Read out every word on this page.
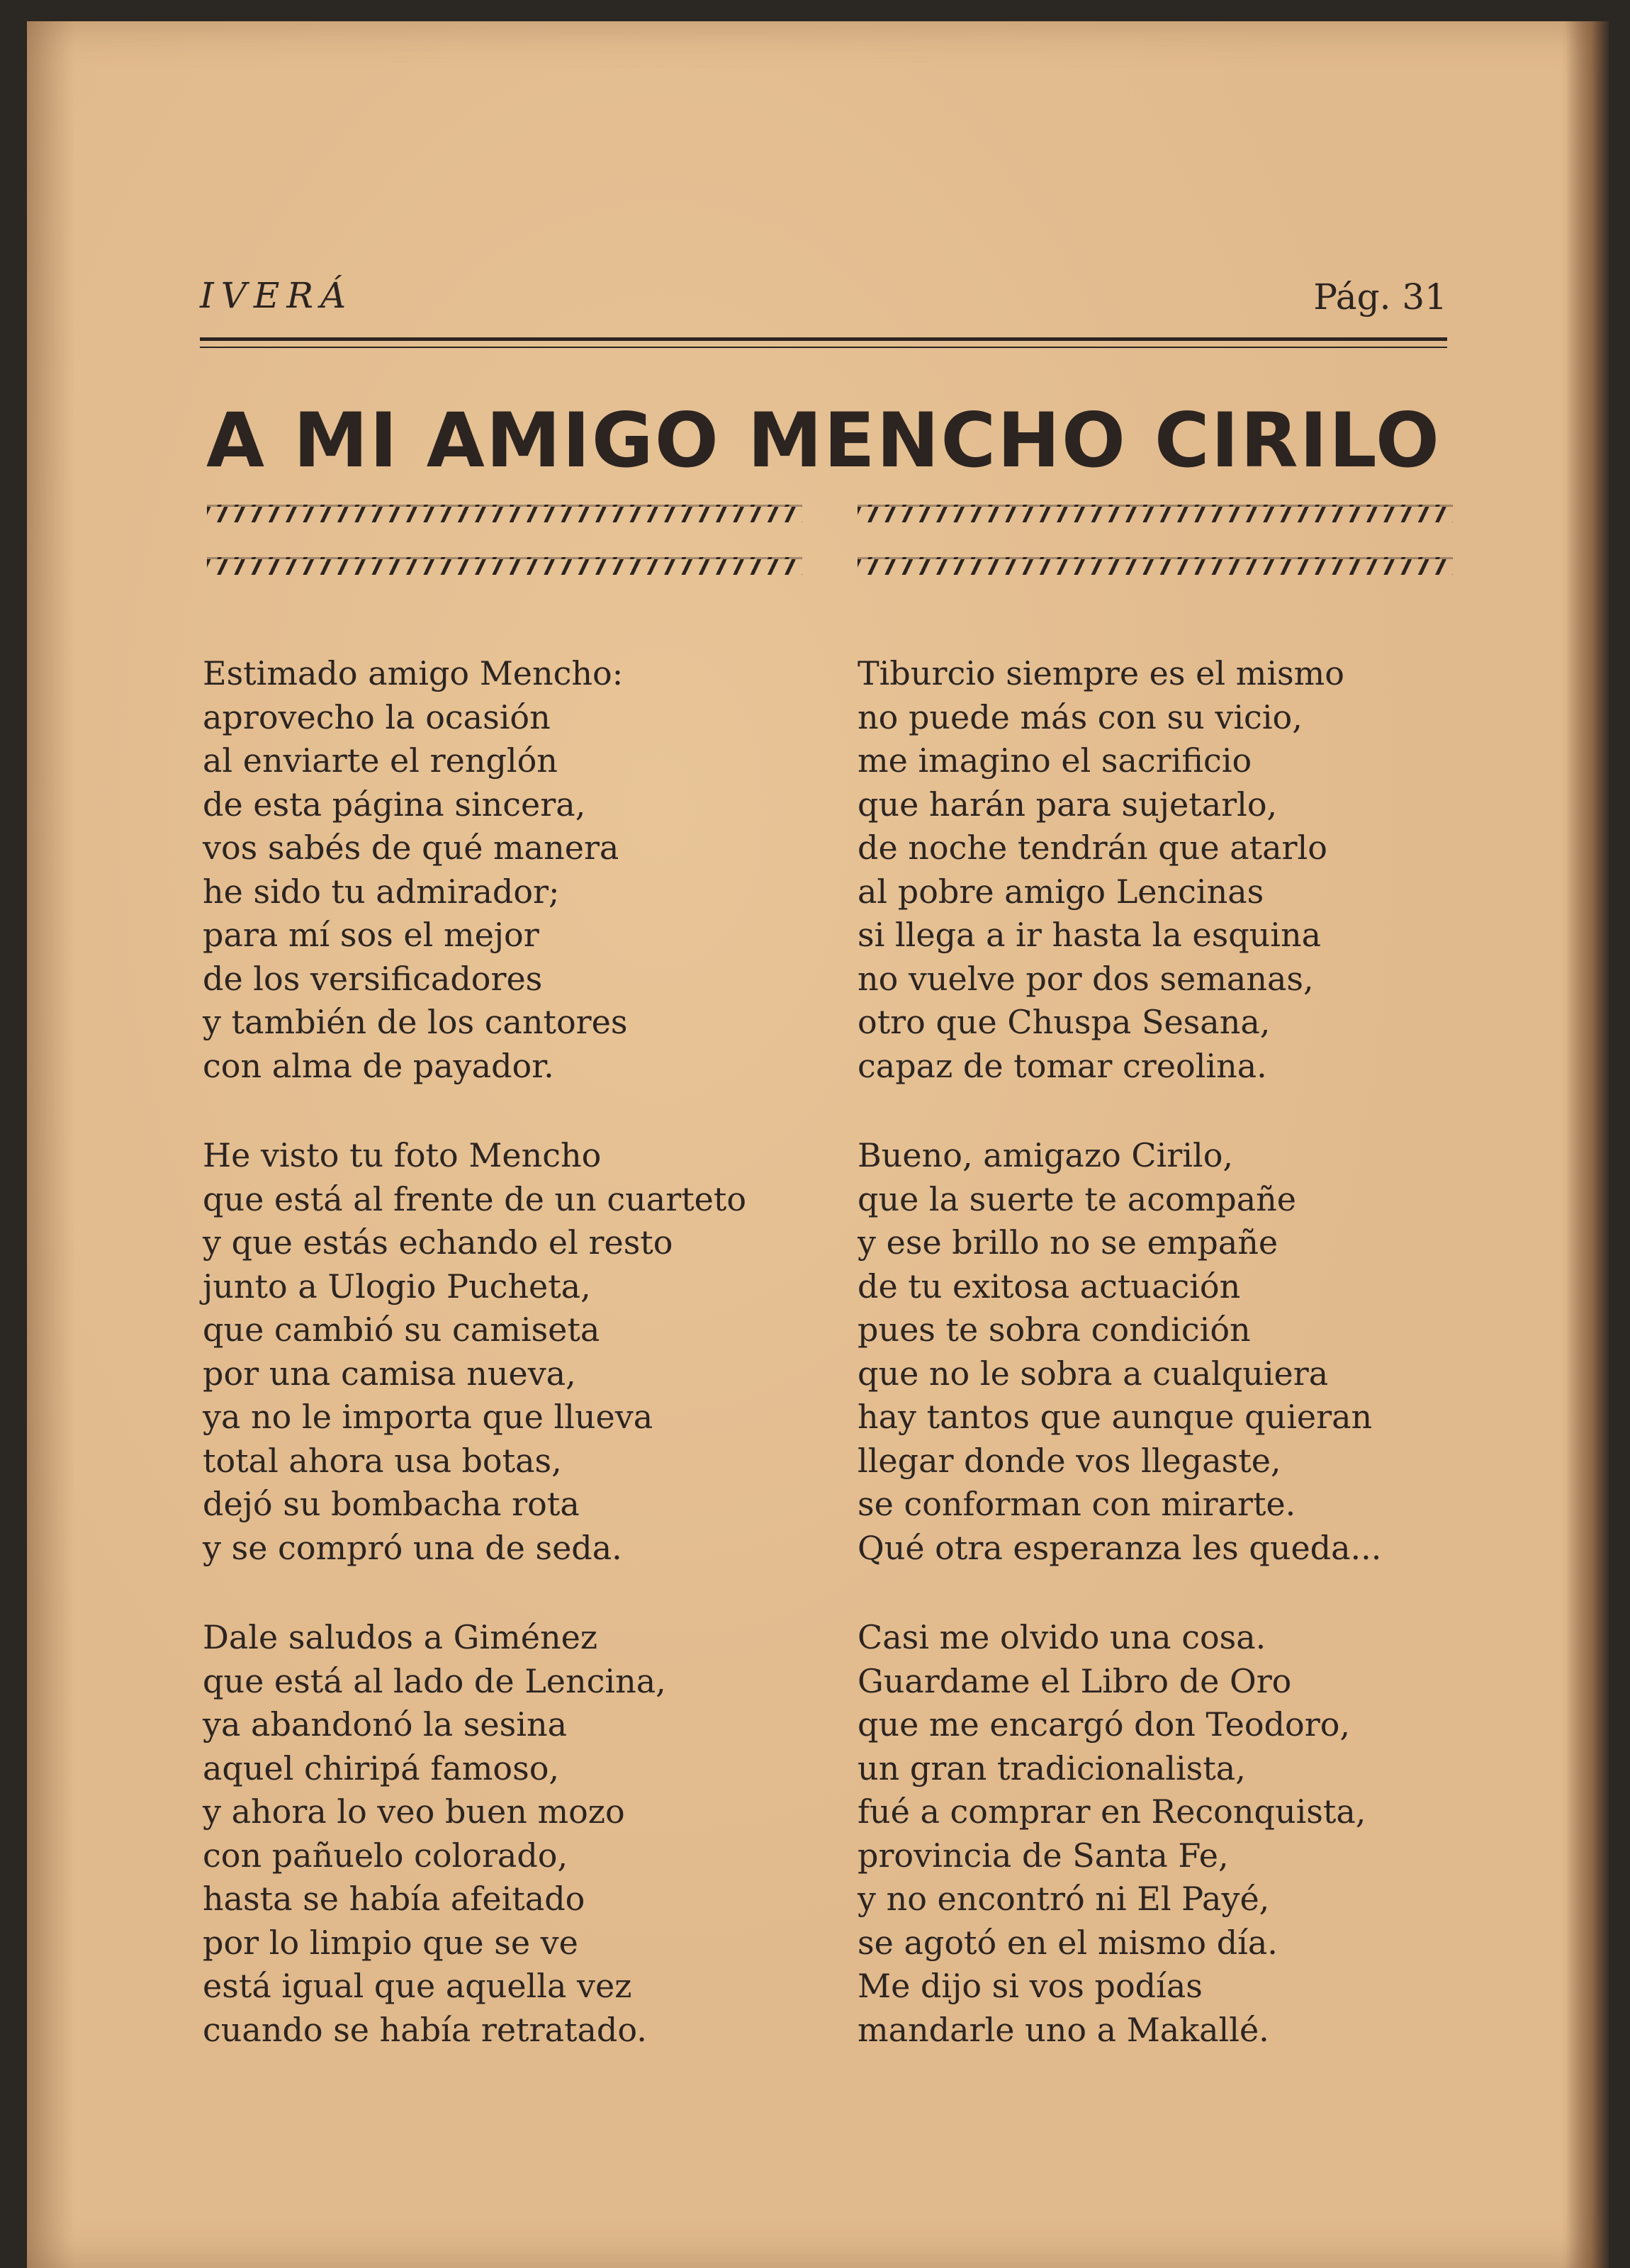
IVERÁ	Pág. 31
A MI AMIGO MENCHO CIRILO
Estimado amigo Mencho:
aprovecho la ocasión
al enviarte el renglón
de esta página sincera,
vos sabés de qué manera
he sido tu admirador;
para mí sos el mejor
de los versificadores
y también de los cantores
con alma de payador.
He visto tu foto Mencho
que está al frente de un cuarteto
y que estás echando el resto
junto a Ulogio Pucheta,
que cambió su camiseta
por una camisa nueva,
ya no le importa que llueva
total ahora usa botas,
dejó su bombacha rota
y se compró una de seda.
Dale saludos a Giménez
que está al lado de Lencina,
ya abandonó la sesina
aquel chiripá famoso,
y ahora lo veo buen mozo
con pañuelo colorado,
hasta se había afeitado
por lo limpio que se ve
está igual que aquella vez
cuando se había retratado.
Tiburcio siempre es el mismo
no puede más con su vicio,
me imagino el sacrificio
que harán para sujetarlo,
de noche tendrán que atarlo
al pobre amigo Lencinas
si llega a ir hasta la esquina
no vuelve por dos semanas,
otro que Chuspa Sesana,
capaz de tomar creolina.
Bueno, amigazo Cirilo,
que la suerte te acompañe
y ese brillo no se empañe
de tu exitosa actuación
pues te sobra condición
que no le sobra a cualquiera
hay tantos que aunque quieran
llegar donde vos llegaste,
se conforman con mirarte.
Qué otra esperanza les queda...
Casi me olvido una cosa.
Guardame el Libro de Oro
que me encargó don Teodoro,
un gran tradicionalista,
fué a comprar en Reconquista,
provincia de Santa Fe,
y no encontró ni El Payé,
se agotó en el mismo día.
Me dijo si vos podías
mandarle uno a Makallé.
